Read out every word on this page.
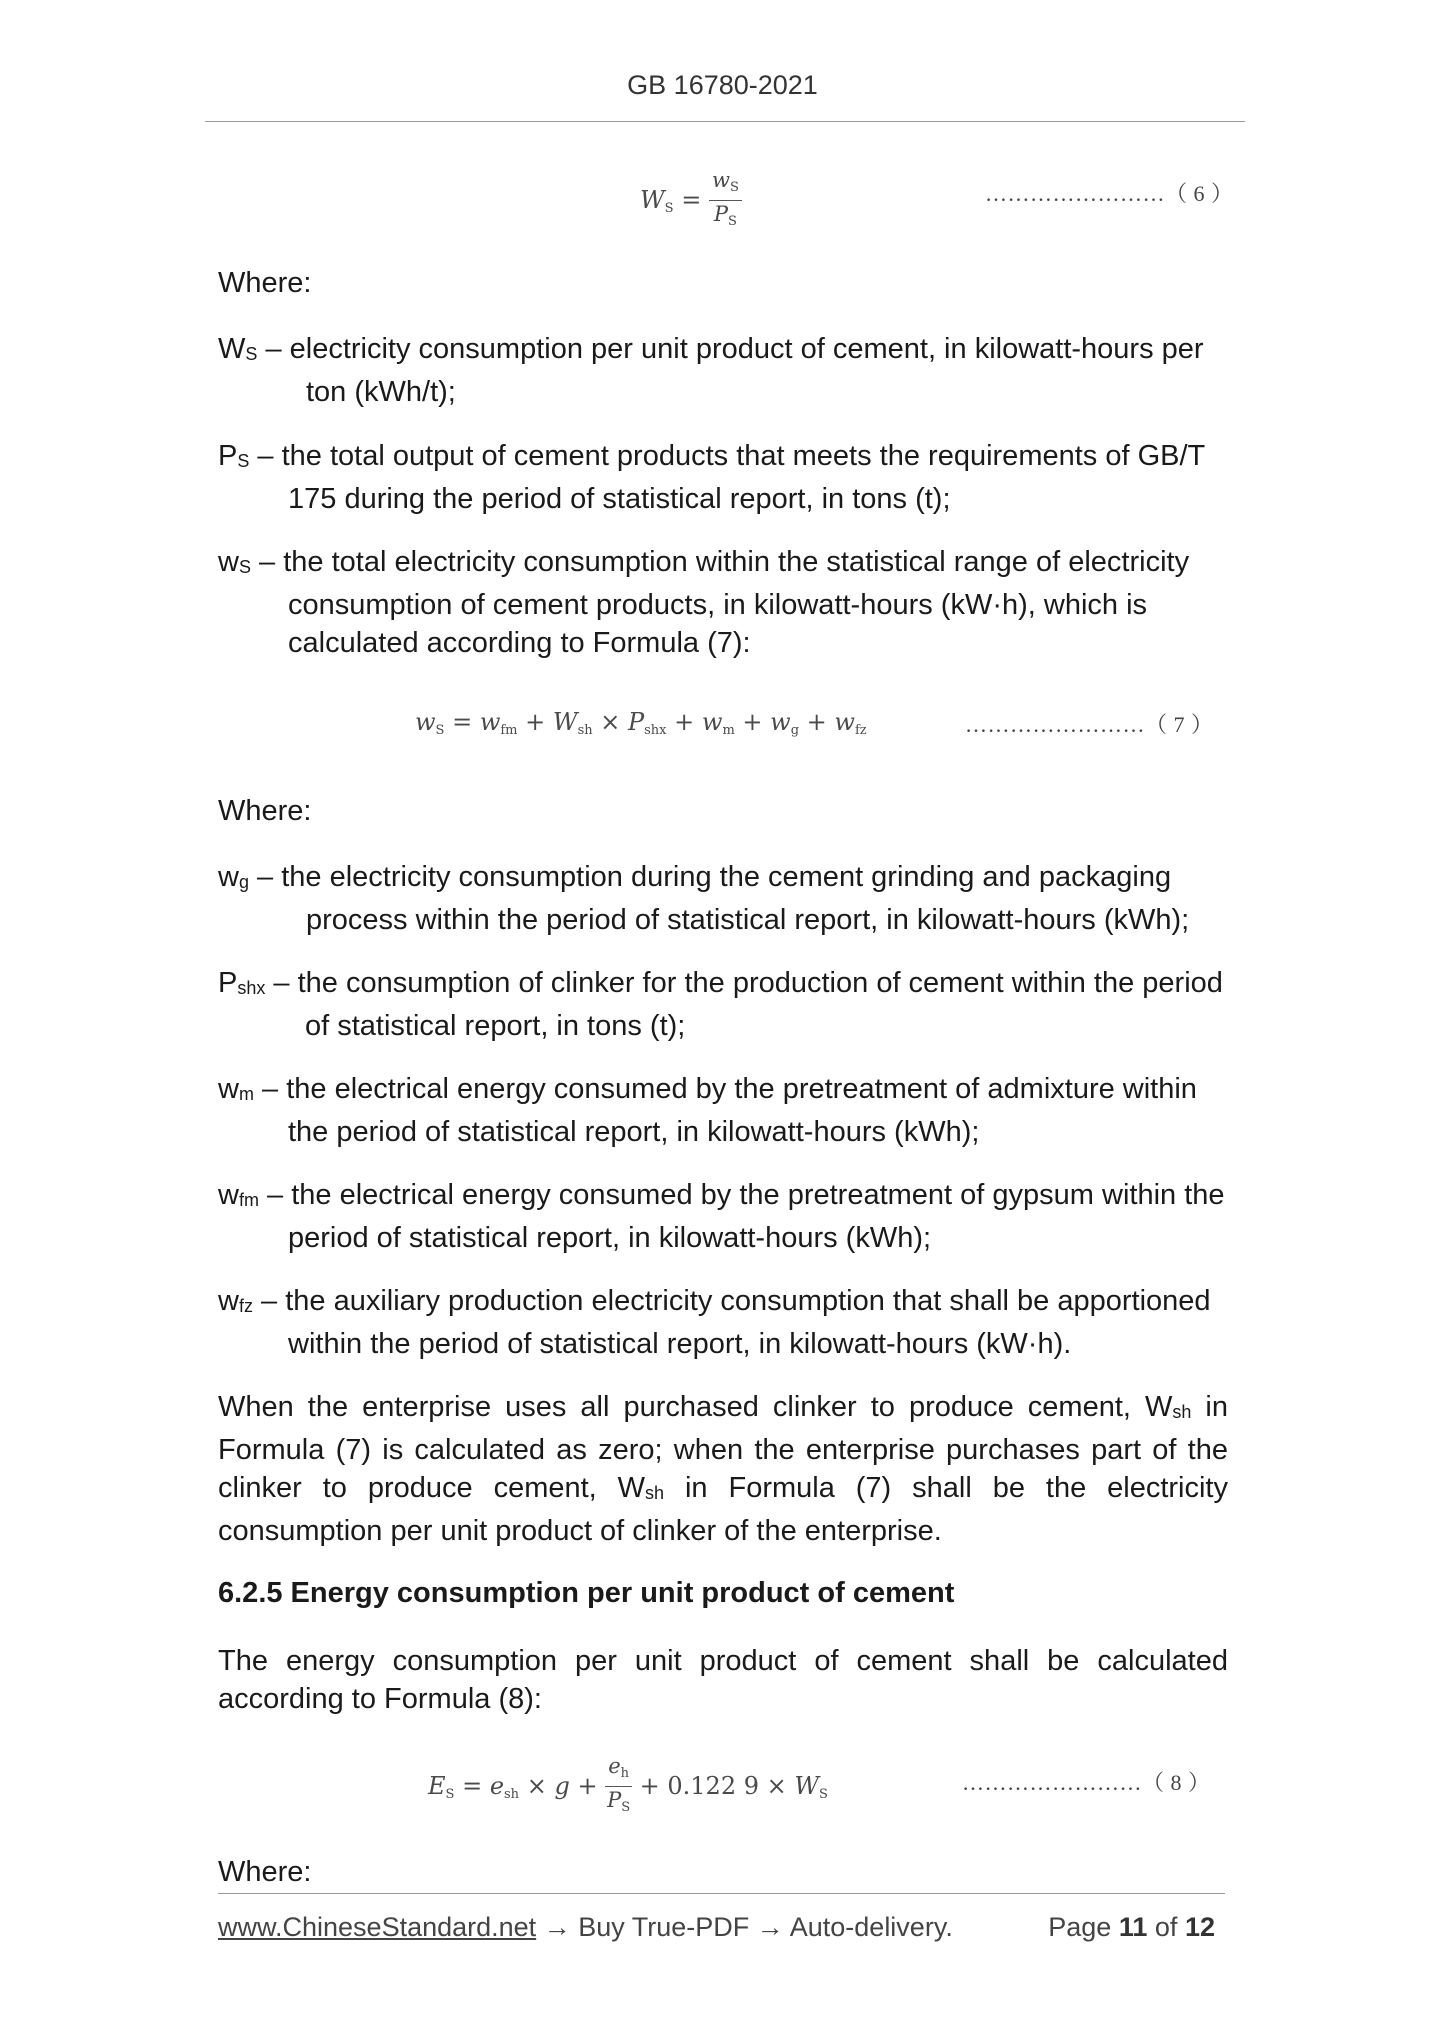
GB 16780-2021
$W_S = \frac{w_S}{P_S}$	……………………（ 6 ）
Where:
$W_S$ – electricity consumption per unit product of cement, in kilowatt-hours per
ton (kWh/t);
$P_S$ – the total output of cement products that meets the requirements of GB/T
175 during the period of statistical report, in tons (t);
$w_S$ – the total electricity consumption within the statistical range of electricity
consumption of cement products, in kilowatt-hours (kW·h), which is
calculated according to Formula (7):
Where:
$w_g$ – the electricity consumption during the cement grinding and packaging
process within the period of statistical report, in kilowatt-hours (kWh);
$P_{shx}$ – the consumption of clinker for the production of cement within the period
of statistical report, in tons (t);
$w_m$ – the electrical energy consumed by the pretreatment of admixture within
the period of statistical report, in kilowatt-hours (kWh);
$w_{fm}$ – the electrical energy consumed by the pretreatment of gypsum within the
period of statistical report, in kilowatt-hours (kWh);
$w_{fz}$ – the auxiliary production electricity consumption that shall be apportioned
within the period of statistical report, in kilowatt-hours (kW·h).
When the enterprise uses all purchased clinker to produce cement, $W_{sh}$ in Formula (7) is calculated as zero; when the enterprise purchases part of the clinker to produce cement, $W_{sh}$ in Formula (7) shall be the electricity consumption per unit product of clinker of the enterprise.
6.2.5 Energy consumption per unit product of cement
The energy consumption per unit product of cement shall be calculated according to Formula (8):
Where:
$w_S = w_{fm} + W_{sh} \times P_{shx} + w_m + w_g + w_{fz}$	……………………（ 7 ）
$E_S = e_{sh} \times g + \frac{e_h}{P_S} + 0.122$ $9 \times W_S$	……………………（ 8 ）
www.ChineseStandard.net → Buy True-PDF → Auto-delivery.	Page 11 of 12
